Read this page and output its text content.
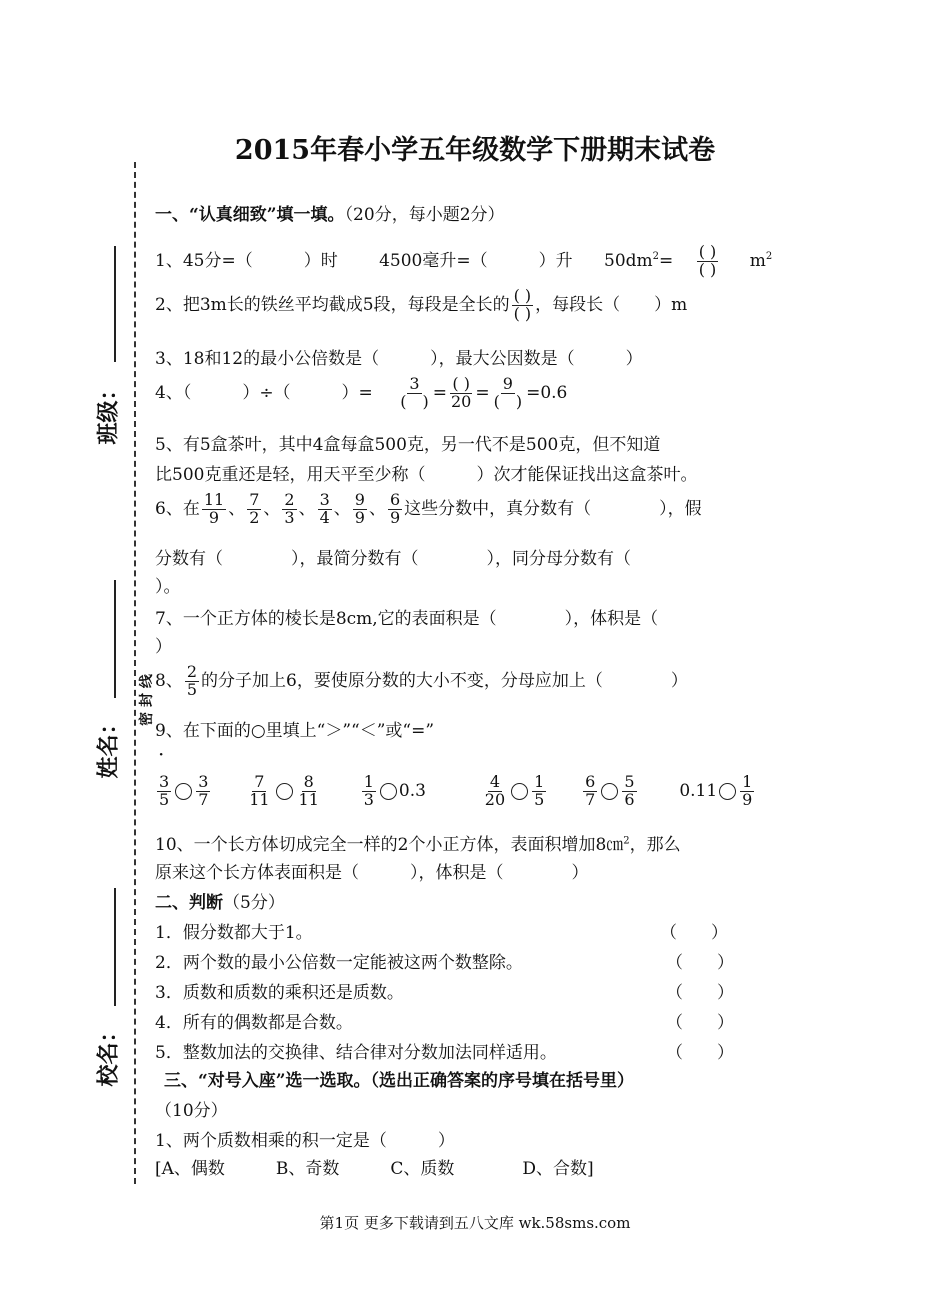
班级：
姓名：
校名：
密 封 线
2015年春小学五年级数学下册期末试卷
一、“认真细致”填一填。（20分，每小题2分）
1、45分=（　　　）时 4500毫升=（　　　）升 $50dm^2= \frac{( )}{( )} m^2$
2、把3m长的铁丝平均截成5段，每段是全长的 $\frac{( )}{( )}$ ，每段长（　　）m
3、18和12的最小公倍数是（　　　），最大公因数是（　　　）
4、（　　　）÷（　　　）= $\frac{3}{( )} = \frac{( )}{20} = \frac{9}{( )} =0.6$
5、有5盒茶叶，其中4盒每盒500克，另一代不是500克，但不知道
比500克重还是轻，用天平至少称（　　　）次才能保证找出这盒茶叶。
6、在 $\frac{11}{9}$ 、 $\frac{7}{2}$ 、 $\frac{2}{3}$ 、 $\frac{3}{4}$ 、 $\frac{9}{9}$ 、 $\frac{6}{9}$ 这些分数中，真分数有（　　　　），假
分数有（　　　　），最简分数有（　　　　），同分母分数有（
）。
7、一个正方体的棱长是8cm,它的表面积是（　　　　），体积是（
）
8、 $\frac{2}{5}$ 的分子加上6，要使原分数的大小不变，分母应加上（　　　　）
9、在下面的○里填上“＞”“＜”或“=”
·
$\frac{3}{5} \frac{3}{7}$
$\frac{7}{11} \frac{8}{11}$
	$\frac{1}{3} 0.3$	$\frac{4}{20} \frac{1}{5}$
$\frac{6}{7} \frac{5}{6}$	$0.11 \frac{1}{9}$
10、一个长方体切成完全一样的2个小正方体，表面积增加8㎝$^2$，那么
原来这个长方体表面积是（　　　），体积是（　　　　）
二、判断（5分）
1．假分数都大于1。	（　　）
2．两个数的最小公倍数一定能被这两个数整除。	（　　）
3．质数和质数的乘积还是质数。	（　　）
4．所有的偶数都是合数。	（　　）
5．整数加法的交换律、结合律对分数加法同样适用。	（　　）
三、“对号入座”选一选取。（选出正确答案的序号填在括号里）
（10分）
1、两个质数相乘的积一定是（　　　）
[A、偶数　　　B、奇数　　　C、质数　　　　D、合数]
第1页 更多下载请到五八文库 wk.58sms.com
